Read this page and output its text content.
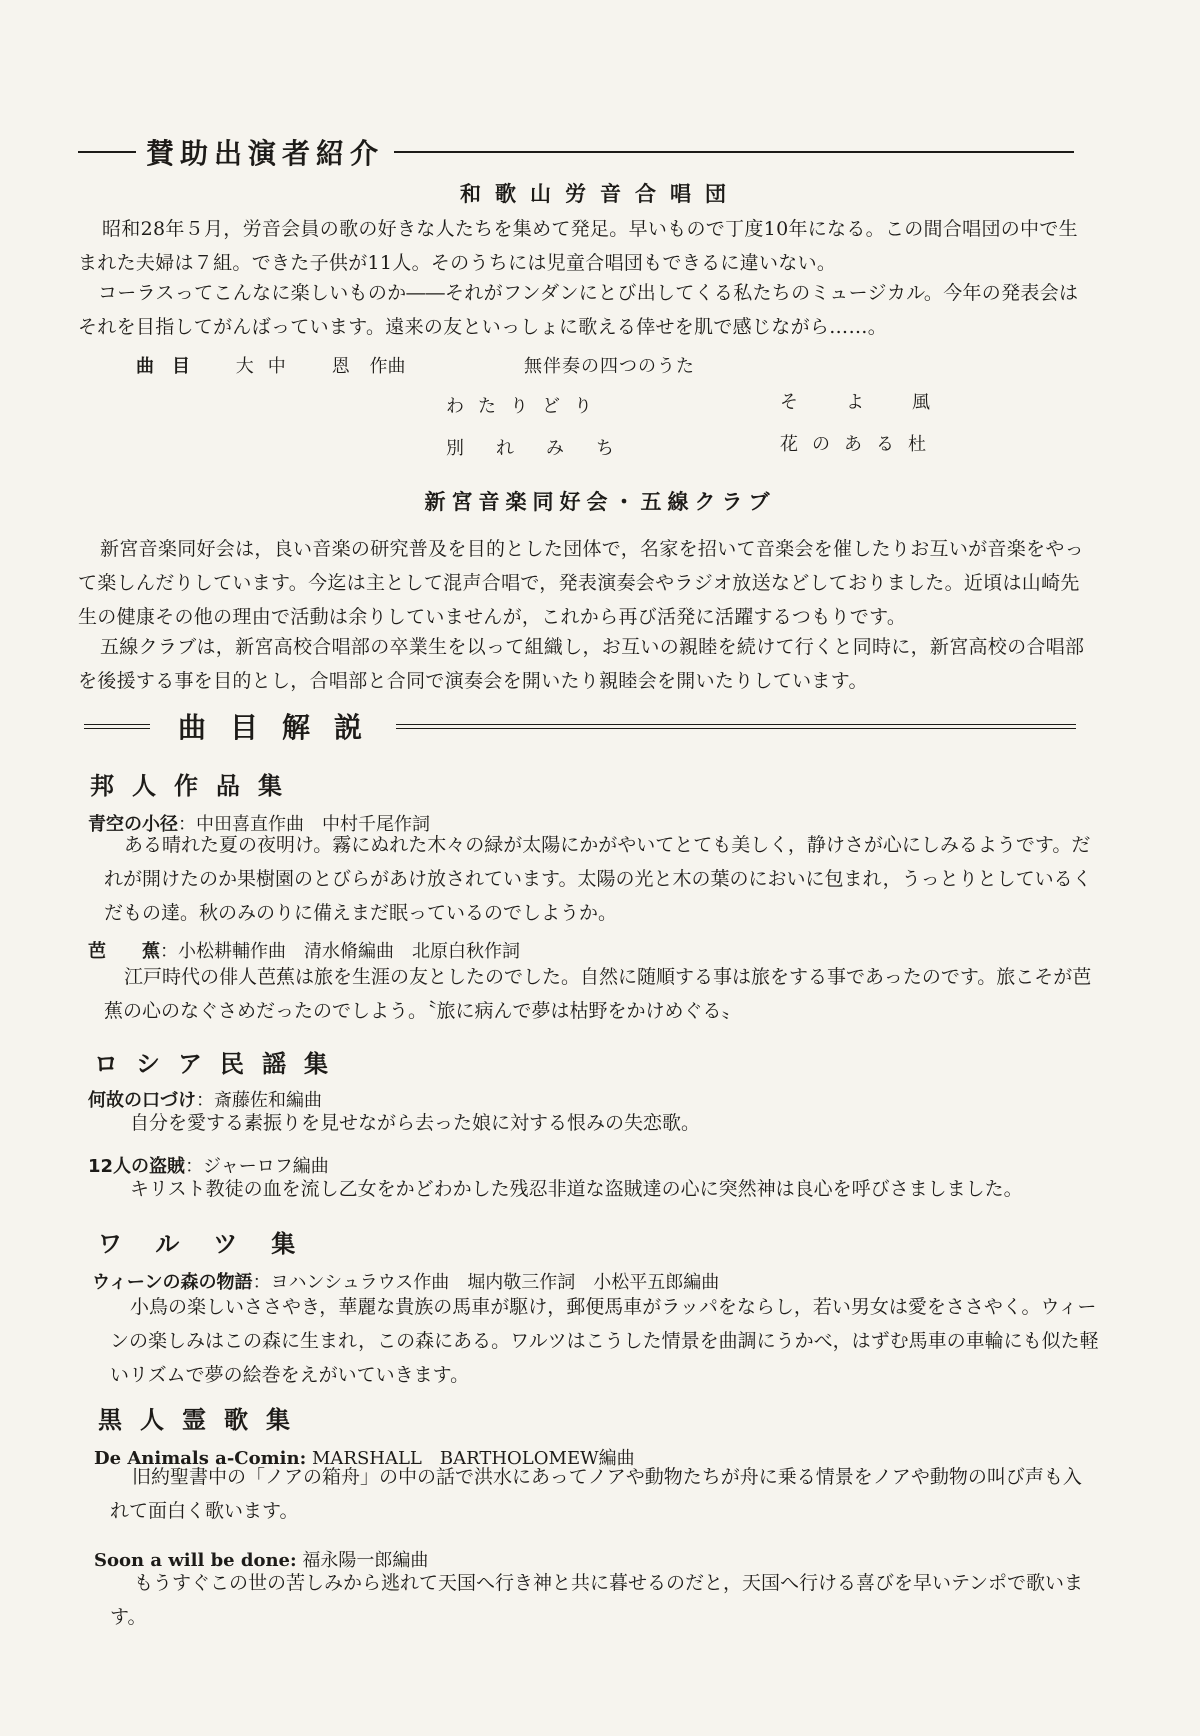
賛助出演者紹介
和歌山労音合唱団
昭和28年５月，労音会員の歌の好きな人たちを集めて発足。早いもので丁度10年になる。この間合唱団の中で生まれた夫婦は７組。できた子供が11人。そのうちには児童合唱団もできるに違いない。
コーラスってこんなに楽しいものか――それがフンダンにとび出してくる私たちのミュージカル。今年の発表会はそれを目指してがんばっています。遠来の友といっしょに歌える倖せを肌で感じながら……。
曲目 大中　恩 作曲	無伴奏の四つのうた
わたりどり	そよ風
別れみち	花のある杜
新宮音楽同好会・五線クラブ
新宮音楽同好会は，良い音楽の研究普及を目的とした団体で，名家を招いて音楽会を催したりお互いが音楽をやって楽しんだりしています。今迄は主として混声合唱で，発表演奏会やラジオ放送などしておりました。近頃は山崎先生の健康その他の理由で活動は余りしていませんが，これから再び活発に活躍するつもりです。
五線クラブは，新宮高校合唱部の卒業生を以って組織し，お互いの親睦を続けて行くと同時に，新宮高校の合唱部を後援する事を目的とし，合唱部と合同で演奏会を開いたり親睦会を開いたりしています。
曲目解説
邦人作品集
青空の小径：中田喜直作曲　中村千尾作詞
ある晴れた夏の夜明け。霧にぬれた木々の緑が太陽にかがやいてとても美しく，静けさが心にしみるようです。だれが開けたのか果樹園のとびらがあけ放されています。太陽の光と木の葉のにおいに包まれ，うっとりとしているくだもの達。秋のみのりに備えまだ眠っているのでしようか。
芭　　蕉：小松耕輔作曲　清水脩編曲　北原白秋作詞
江戸時代の俳人芭蕉は旅を生涯の友としたのでした。自然に随順する事は旅をする事であったのです。旅こそが芭蕉の心のなぐさめだったのでしよう。〝旅に病んで夢は枯野をかけめぐる〟
ロシア民謡集
何故の口づけ：斎藤佐和編曲
自分を愛する素振りを見せながら去った娘に対する恨みの失恋歌。
12人の盗賊：ジャーロフ編曲
キリスト教徒の血を流し乙女をかどわかした残忍非道な盗賊達の心に突然神は良心を呼びさましました。
ワルツ集
ウィーンの森の物語：ヨハンシュラウス作曲　堀内敬三作詞　小松平五郎編曲
小鳥の楽しいささやき，華麗な貴族の馬車が駆け，郵便馬車がラッパをならし，若い男女は愛をささやく。ウィーンの楽しみはこの森に生まれ，この森にある。ワルツはこうした情景を曲調にうかべ，はずむ馬車の車輪にも似た軽いリズムで夢の絵巻をえがいていきます。
黒人霊歌集
De Animals a-Comin: MARSHALL　BARTHOLOMEW編曲
旧約聖書中の「ノアの箱舟」の中の話で洪水にあってノアや動物たちが舟に乗る情景をノアや動物の叫び声も入れて面白く歌います。
Soon a will be done: 福永陽一郎編曲
もうすぐこの世の苦しみから逃れて天国へ行き神と共に暮せるのだと，天国へ行ける喜びを早いテンポで歌います。
